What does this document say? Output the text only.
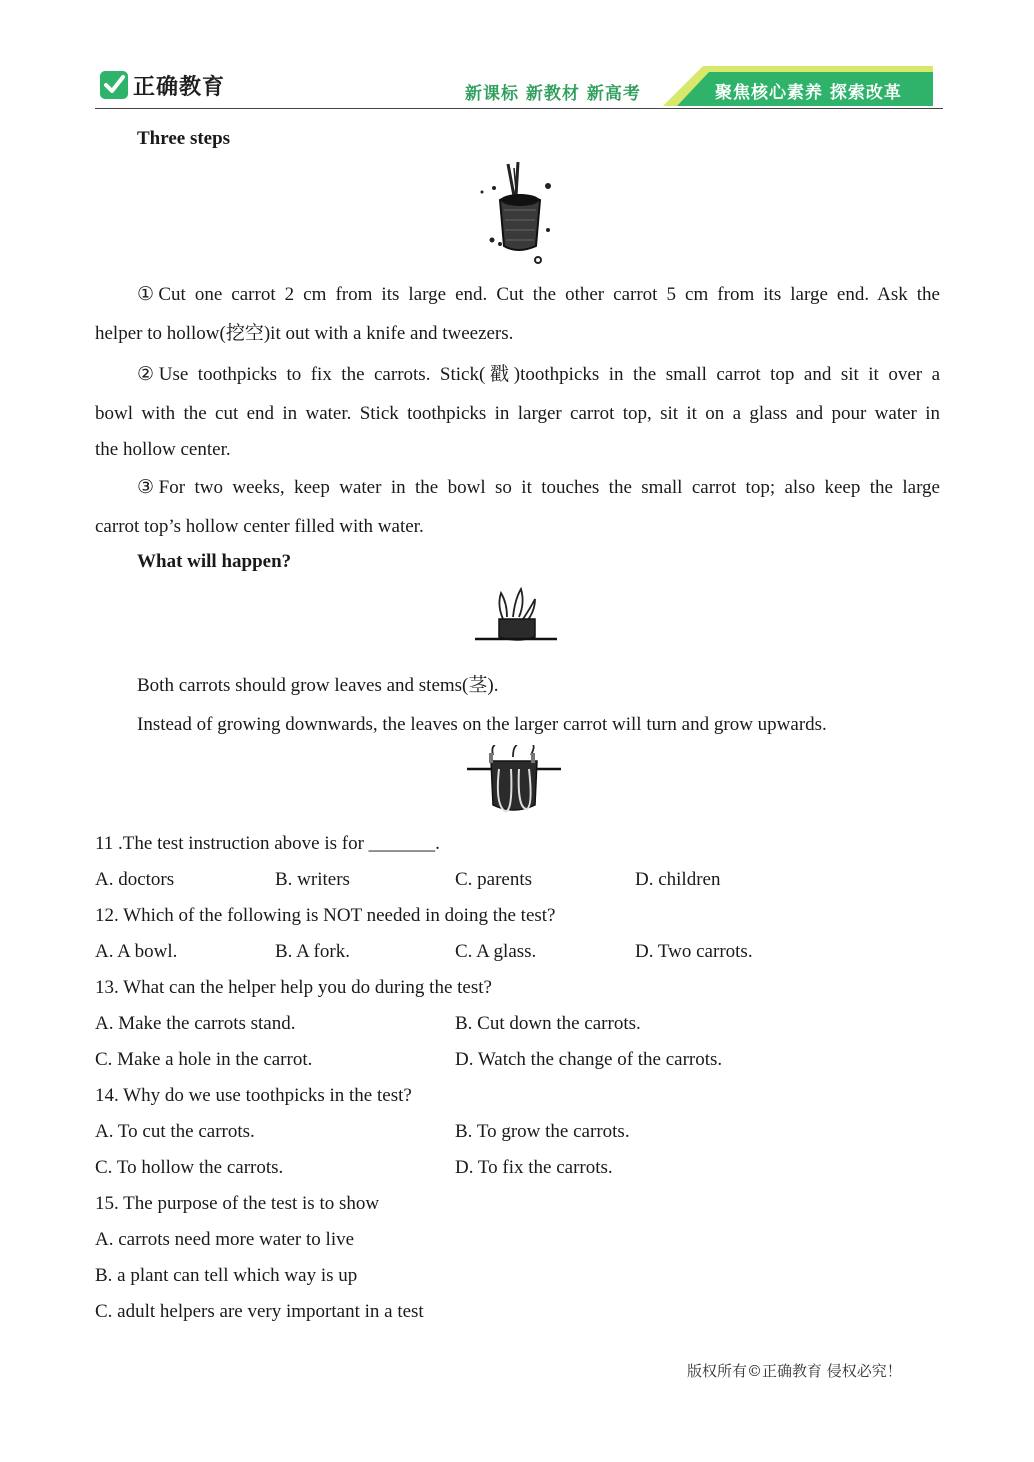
正确教育	新课标 新教材 新高考	聚焦核心素养 探索改革
Three steps
①Cut one carrot 2 cm from its large end. Cut the other carrot 5 cm from its large end. Ask the
helper to hollow(挖空)it out with a knife and tweezers.
②Use toothpicks to fix the carrots. Stick(戳)toothpicks in the small carrot top and sit it over a
bowl with the cut end in water. Stick toothpicks in larger carrot top, sit it on a glass and pour water in
the hollow center.
③For two weeks, keep water in the bowl so it touches the small carrot top; also keep the large
carrot top’s hollow center filled with water.
What will happen?
Both carrots should grow leaves and stems(茎).
Instead of growing downwards, the leaves on the larger carrot will turn and grow upwards.
11 .The test instruction above is for _______.
A. doctors	B. writers	C. parents	D. children
12. Which of the following is NOT needed in doing the test?
A. A bowl.	B. A fork.	C. A glass.	D. Two carrots.
13. What can the helper help you do during the test?
A. Make the carrots stand.	B. Cut down the carrots.
C. Make a hole in the carrot.	D. Watch the change of the carrots.
14. Why do we use toothpicks in the test?
A. To cut the carrots.	B. To grow the carrots.
C. To hollow the carrots.	D. To fix the carrots.
15. The purpose of the test is to show
A. carrots need more water to live
B. a plant can tell which way is up
C. adult helpers are very important in a test
版权所有©正确教育 侵权必究！
